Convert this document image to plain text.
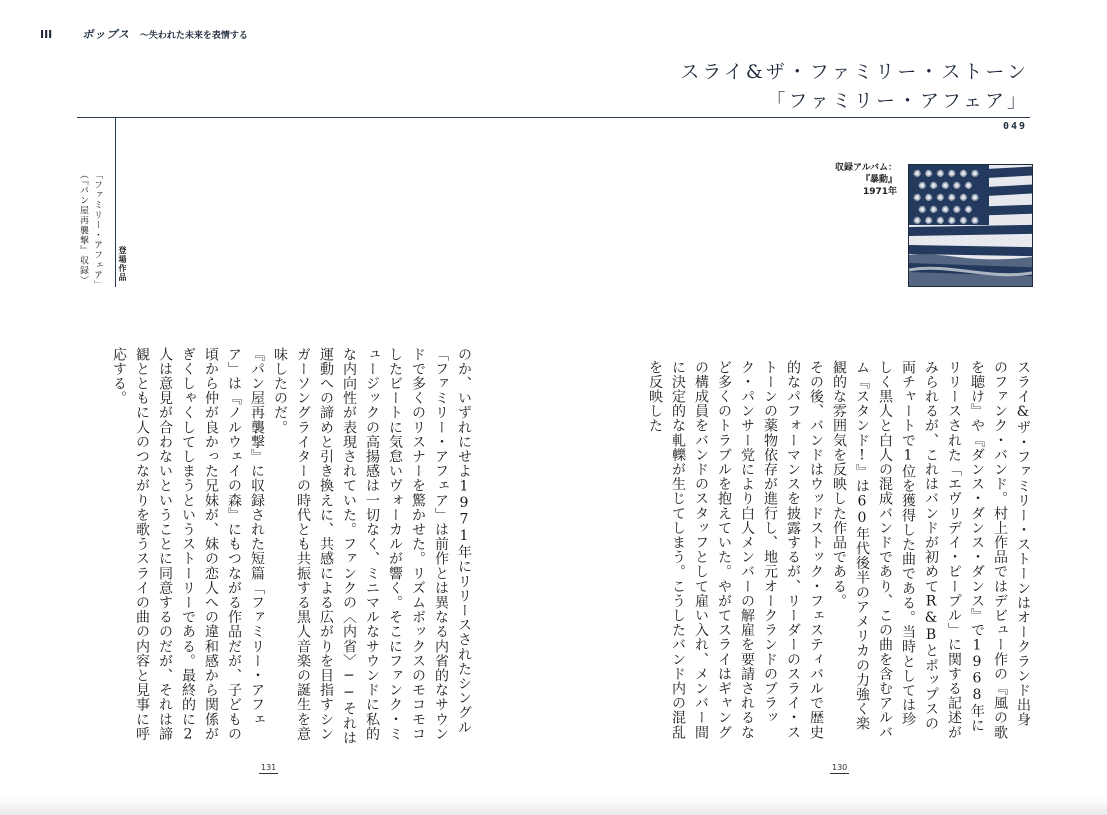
III	ポップス 〜失われた未来を表情する
スライ&ザ・ファミリー・ストーン
「ファミリー・アフェア」
049
登場作品
「ファミリー・アフェア」
（『パン屋再襲撃』収録）
収録アルバム：
『暴動』
1971年
✺ ✺ ✺ ✺ ✺ ✺
✺ ✺ ✺ ✺ ✺
✺ ✺ ✺ ✺ ✺ ✺
✺ ✺ ✺ ✺ ✺
✺ ✺ ✺ ✺ ✺ ✺
スライ&ザ・ファミリー・ストーンはオークランド出身のファンク・バンド。村上作品ではデビュー作の『風の歌を聴け』や『ダンス・ダンス・ダンス』で1968年にリリースされた「エヴリデイ・ピープル」に関する記述がみられるが、これはバンドが初めてR&Bとポップスの両チャートで1位を獲得した曲である。当時としては珍しく黒人と白人の混成バンドであり、この曲を含むアルバム『スタンド!』は60年代後半のアメリカの力強く楽観的な雰囲気を反映した作品である。
その後、バンドはウッドストック・フェスティバルで歴史的なパフォーマンスを披露するが、リーダーのスライ・ストーンの薬物依存が進行し、地元オークランドのブラック・パンサー党により白人メンバーの解雇を要請されるなど多くのトラブルを抱えていた。やがてスライはギャングの構成員をバンドのスタッフとして雇い入れ、メンバー間に決定的な軋轢が生じてしまう。こうしたバンド内の混乱を反映した
のか、いずれにせよ1971年にリリースされたシングル「ファミリー・アフェア」は前作とは異なる内省的なサウンドで多くのリスナーを驚かせた。リズムボックスのモコモコしたビートに気怠いヴォーカルが響く。そこにファンク・ミュージックの高揚感は一切なく、ミニマルなサウンドに私的な内向性が表現されていた。ファンクの〈内省〉──それは運動への諦めと引き換えに、共感による広がりを目指すシンガーソングライターの時代とも共振する黒人音楽の誕生を意味したのだ。
『パン屋再襲撃』に収録された短篇「ファミリー・アフェア」は『ノルウェイの森』にもつながる作品だが、子どもの頃から仲が良かった兄妹が、妹の恋人への違和感から関係がぎくしゃくしてしまうというストーリーである。最終的に2人は意見が合わないということに同意するのだが、それは諦観とともに人のつながりを歌うスライの曲の内容と見事に呼応する。
131	130
